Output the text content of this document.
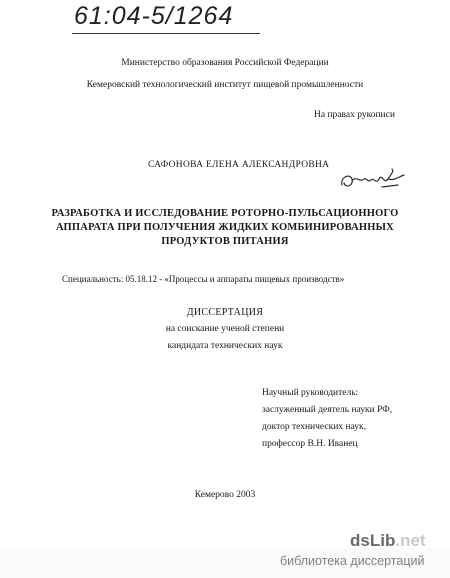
61:04-5/1264
Министерство образования Российской Федерации
Кемеровский технологический институт пищевой промышленности
На правах рукописи
САФОНОВА ЕЛЕНА АЛЕКСАНДРОВНА
РАЗРАБОТКА И ИССЛЕДОВАНИЕ РОТОРНО-ПУЛЬСАЦИОННОГО
АППАРАТА ПРИ ПОЛУЧЕНИЯ ЖИДКИХ КОМБИНИРОВАННЫХ
ПРОДУКТОВ ПИТАНИЯ
Специальность: 05.18.12 - «Процессы и аппараты пищевых производств»
ДИССЕРТАЦИЯ
на соискание ученой степени
кандидата технических наук
Научный руководитель:
заслуженный деятель науки РФ,
доктор технических наук,
профессор В.Н. Иванец
Кемерово 2003
dsLib.net
библиотека диссертаций
